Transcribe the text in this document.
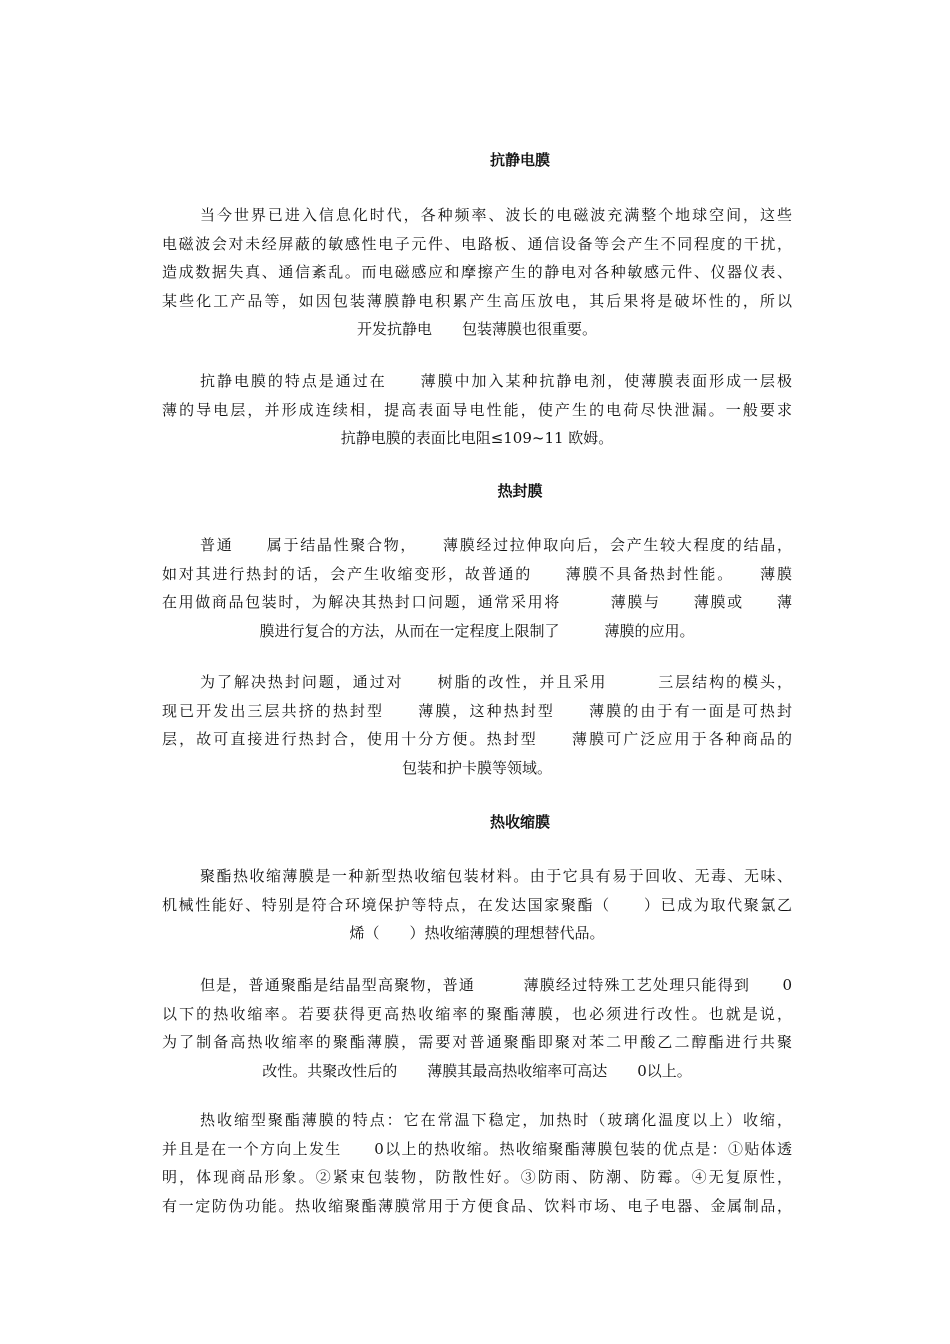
抗静电膜
当今世界已进入信息化时代，各种频率、波长的电磁波充满整个地球空间，这些
电磁波会对未经屏蔽的敏感性电子元件、电路板、通信设备等会产生不同程度的干扰，
造成数据失真、通信紊乱。而电磁感应和摩擦产生的静电对各种敏感元件、仪器仪表、
某些化工产品等，如因包装薄膜静电积累产生高压放电，其后果将是破坏性的，所以
开发抗静电　　包装薄膜也很重要。
抗静电膜的特点是通过在　　薄膜中加入某种抗静电剂，使薄膜表面形成一层极
薄的导电层，并形成连续相，提高表面导电性能，使产生的电荷尽快泄漏。一般要求
抗静电膜的表面比电阻≤109~11 欧姆。
热封膜
普通　　属于结晶性聚合物，　　薄膜经过拉伸取向后，会产生较大程度的结晶，
如对其进行热封的话，会产生收缩变形，故普通的　　薄膜不具备热封性能。　　薄膜
在用做商品包装时，为解决其热封口问题，通常采用将　　　薄膜与　　薄膜或　　薄
膜进行复合的方法，从而在一定程度上限制了　　　薄膜的应用。
为了解决热封问题，通过对　　树脂的改性，并且采用　　　三层结构的模头，
现已开发出三层共挤的热封型　　薄膜，这种热封型　　薄膜的由于有一面是可热封
层，故可直接进行热封合，使用十分方便。热封型　　薄膜可广泛应用于各种商品的
包装和护卡膜等领域。
热收缩膜
聚酯热收缩薄膜是一种新型热收缩包装材料。由于它具有易于回收、无毒、无味、
机械性能好、特别是符合环境保护等特点，在发达国家聚酯（　　）已成为取代聚氯乙
烯（　　）热收缩薄膜的理想替代品。
但是，普通聚酯是结晶型高聚物，普通　　　薄膜经过特殊工艺处理只能得到　　0
以下的热收缩率。若要获得更高热收缩率的聚酯薄膜，也必须进行改性。也就是说，
为了制备高热收缩率的聚酯薄膜，需要对普通聚酯即聚对苯二甲酸乙二醇酯进行共聚
改性。共聚改性后的　　薄膜其最高热收缩率可高达　　0以上。
热收缩型聚酯薄膜的特点：它在常温下稳定，加热时（玻璃化温度以上）收缩，
并且是在一个方向上发生　　0以上的热收缩。热收缩聚酯薄膜包装的优点是：①贴体透
明，体现商品形象。②紧束包装物，防散性好。③防雨、防潮、防霉。④无复原性，
有一定防伪功能。热收缩聚酯薄膜常用于方便食品、饮料市场、电子电器、金属制品，
